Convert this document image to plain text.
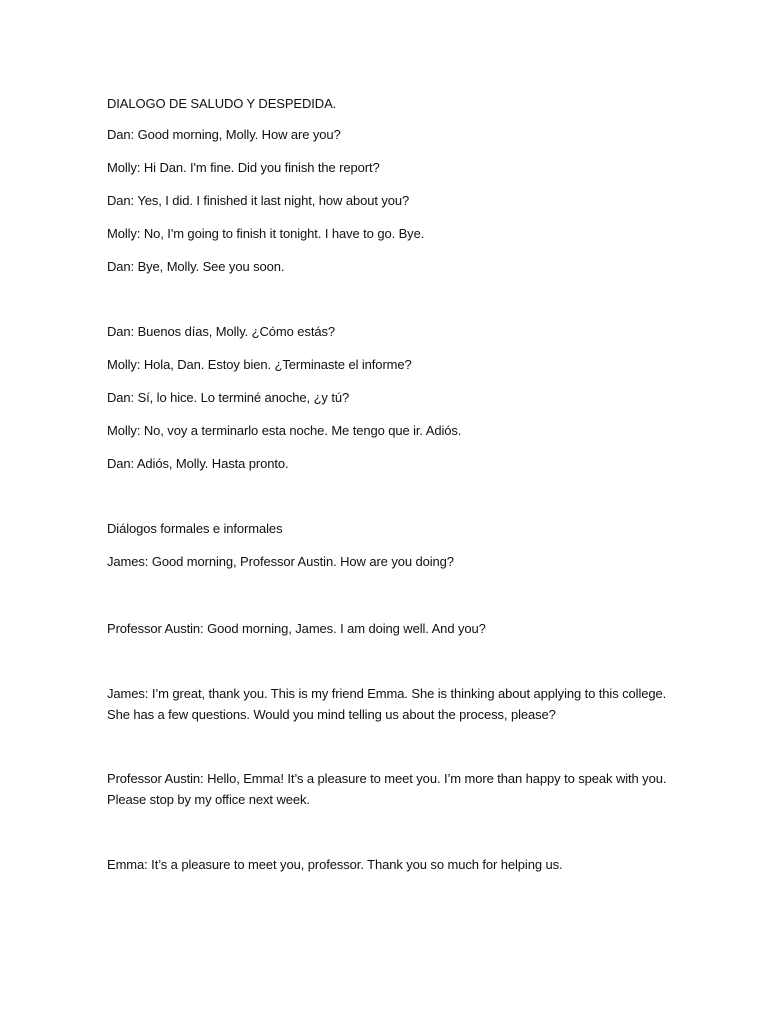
DIALOGO DE SALUDO Y DESPEDIDA.
Dan: Good morning, Molly. How are you?
Molly: Hi Dan. I'm fine. Did you finish the report?
Dan: Yes, I did. I finished it last night, how about you?
Molly: No, I'm going to finish it tonight. I have to go. Bye.
Dan: Bye, Molly. See you soon.
Dan: Buenos días, Molly. ¿Cómo estás?
Molly: Hola, Dan. Estoy bien. ¿Terminaste el informe?
Dan: Sí, lo hice. Lo terminé anoche, ¿y tú?
Molly: No, voy a terminarlo esta noche. Me tengo que ir. Adiós.
Dan: Adiós, Molly. Hasta pronto.
Diálogos formales e informales
James: Good morning, Professor Austin. How are you doing?
Professor Austin: Good morning, James. I am doing well. And you?
James: I’m great, thank you. This is my friend Emma. She is thinking about applying to this college. She has a few questions. Would you mind telling us about the process, please?
Professor Austin: Hello, Emma! It’s a pleasure to meet you. I’m more than happy to speak with you. Please stop by my office next week.
Emma: It’s a pleasure to meet you, professor. Thank you so much for helping us.
